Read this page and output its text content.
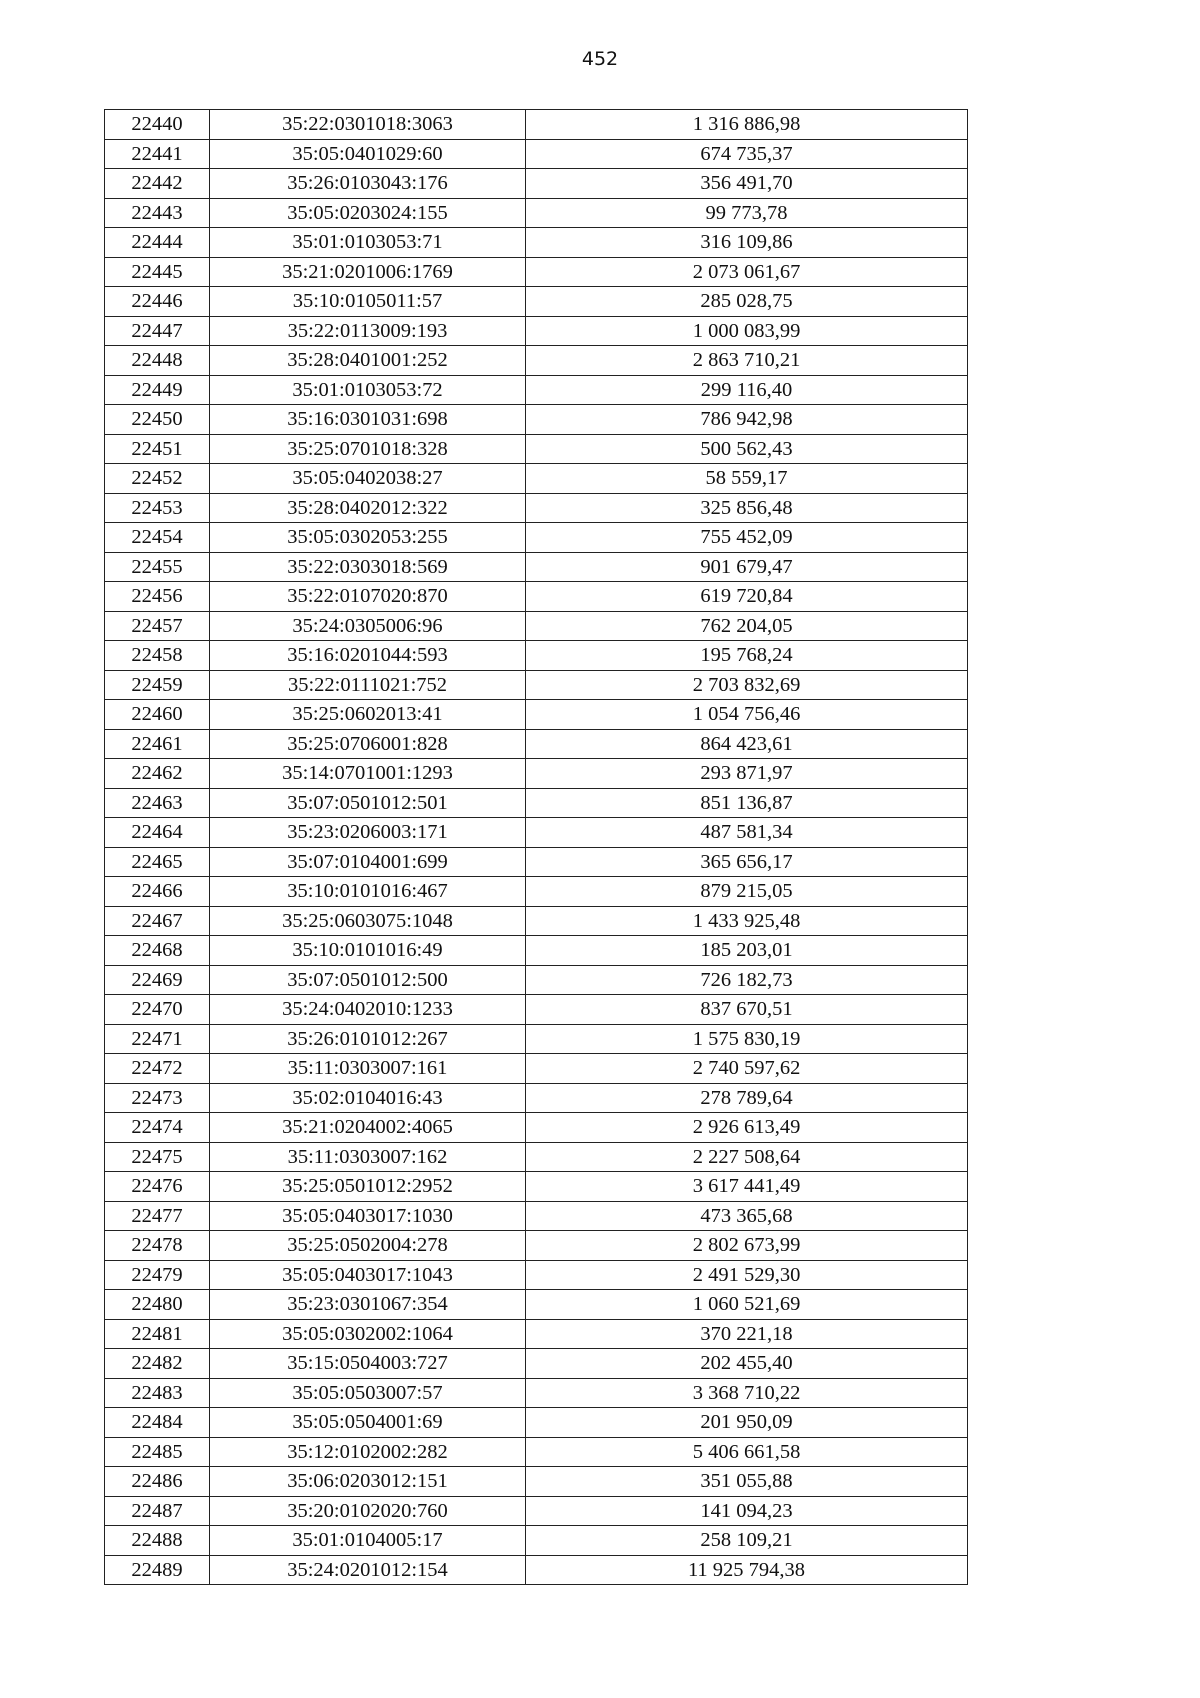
452
22440	35:22:0301018:3063	1 316 886,98
22441	35:05:0401029:60	674 735,37
22442	35:26:0103043:176	356 491,70
22443	35:05:0203024:155	99 773,78
22444	35:01:0103053:71	316 109,86
22445	35:21:0201006:1769	2 073 061,67
22446	35:10:0105011:57	285 028,75
22447	35:22:0113009:193	1 000 083,99
22448	35:28:0401001:252	2 863 710,21
22449	35:01:0103053:72	299 116,40
22450	35:16:0301031:698	786 942,98
22451	35:25:0701018:328	500 562,43
22452	35:05:0402038:27	58 559,17
22453	35:28:0402012:322	325 856,48
22454	35:05:0302053:255	755 452,09
22455	35:22:0303018:569	901 679,47
22456	35:22:0107020:870	619 720,84
22457	35:24:0305006:96	762 204,05
22458	35:16:0201044:593	195 768,24
22459	35:22:0111021:752	2 703 832,69
22460	35:25:0602013:41	1 054 756,46
22461	35:25:0706001:828	864 423,61
22462	35:14:0701001:1293	293 871,97
22463	35:07:0501012:501	851 136,87
22464	35:23:0206003:171	487 581,34
22465	35:07:0104001:699	365 656,17
22466	35:10:0101016:467	879 215,05
22467	35:25:0603075:1048	1 433 925,48
22468	35:10:0101016:49	185 203,01
22469	35:07:0501012:500	726 182,73
22470	35:24:0402010:1233	837 670,51
22471	35:26:0101012:267	1 575 830,19
22472	35:11:0303007:161	2 740 597,62
22473	35:02:0104016:43	278 789,64
22474	35:21:0204002:4065	2 926 613,49
22475	35:11:0303007:162	2 227 508,64
22476	35:25:0501012:2952	3 617 441,49
22477	35:05:0403017:1030	473 365,68
22478	35:25:0502004:278	2 802 673,99
22479	35:05:0403017:1043	2 491 529,30
22480	35:23:0301067:354	1 060 521,69
22481	35:05:0302002:1064	370 221,18
22482	35:15:0504003:727	202 455,40
22483	35:05:0503007:57	3 368 710,22
22484	35:05:0504001:69	201 950,09
22485	35:12:0102002:282	5 406 661,58
22486	35:06:0203012:151	351 055,88
22487	35:20:0102020:760	141 094,23
22488	35:01:0104005:17	258 109,21
22489	35:24:0201012:154	11 925 794,38
